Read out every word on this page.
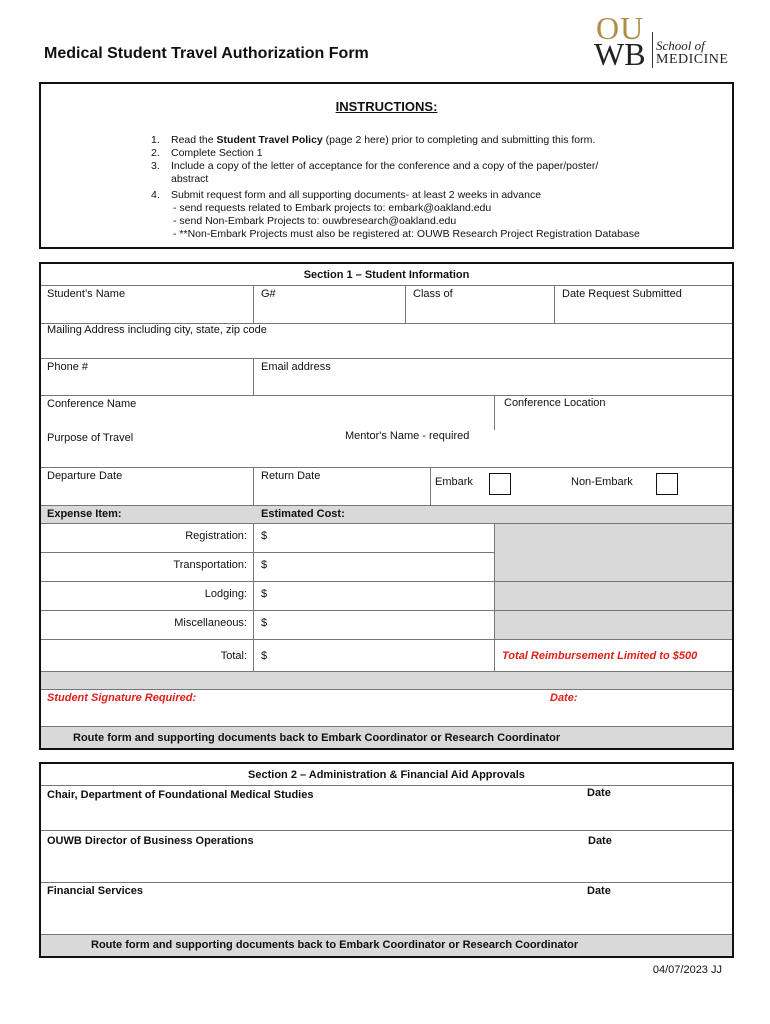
Medical Student Travel Authorization Form
OU
WB School of
MEDICINE
INSTRUCTIONS:
1. Read the Student Travel Policy (page 2 here) prior to completing and submitting this form.
2. Complete Section 1
3. Include a copy of the letter of acceptance for the conference and a copy of the paper/poster/
abstract
4. Submit request form and all supporting documents- at least 2 weeks in advance
- send requests related to Embark projects to: embark@oakland.edu
- send Non-Embark Projects to: ouwbresearch@oakland.edu
- **Non-Embark Projects must also be registered at: OUWB Research Project Registration Database
Section 1 – Student Information
Student’s Name	G#	Class of	Date Request Submitted
Mailing Address including city, state, zip code
Phone #	Email address
Conference Name	Conference Location
Purpose of Travel	Mentor's Name - required
Departure Date	Return Date	Embark	Non-Embark
Expense Item:	Estimated Cost:
Registration: $
Transportation: $
Lodging: $
Miscellaneous: $
Total: $	Total Reimbursement Limited to $500
Student Signature Required:	Date:
Route form and supporting documents back to Embark Coordinator or Research Coordinator
Section 2 – Administration & Financial Aid Approvals
Chair, Department of Foundational Medical Studies	Date
OUWB Director of Business Operations	Date
Financial Services	Date
Route form and supporting documents back to Embark Coordinator or Research Coordinator
04/07/2023 JJ
